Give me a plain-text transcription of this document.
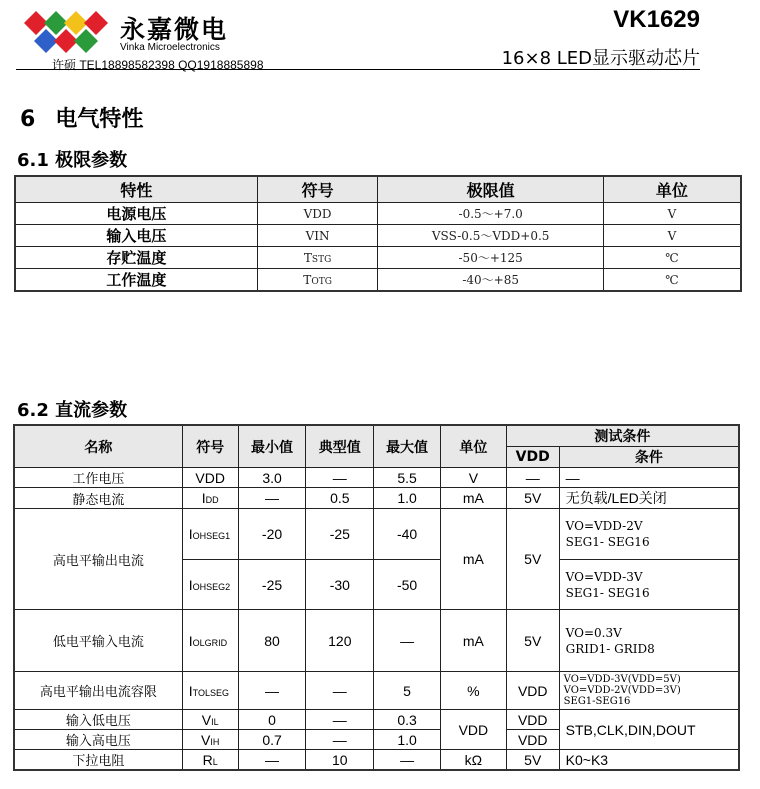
永嘉微电
Vinka Microelectronics
许硕 TEL18898582398 QQ1918885898
VK1629
16×8 LED显示驱动芯片
6 电气特性
6.1 极限参数
特性	符号	极限值	单位
电源电压	VDD	-0.5～+7.0	V
输入电压	VIN	VSS-0.5～VDD+0.5	V
存贮温度	TSTG	-50～+125	℃
工作温度	TOTG	-40～+85	℃
6.2 直流参数
名称	符号	最小值	典型值	最大值	单位	测试条件	
						VDD	条件
工作电压	VDD	3.0	—	5.5	V	—	—
静态电流	IDD	—	0.5	1.0	mA	5V	无负载/LED关闭
高电平输出电流	IOHSEG1	-20	-25	-40	mA	5V	VO=VDD-2V
SEG1- SEG16

	IOHSEG2	-25	-30	-50			VO=VDD-3V
SEG1- SEG16

低电平输入电流	IOLGRID	80	120	—	mA	5V	VO=0.3V
GRID1- GRID8

高电平输出电流容限	ITOLSEG	—	—	5	%	VDD	VO=VDD-3V(VDD=5V)
VO=VDD-2V(VDD=3V)
SEG1-SEG16

输入低电压	VIL	0	—	0.3	VDD	VDD	STB,CLK,DIN,DOUT
输入高电压	VIH	0.7	—	1.0		VDD	
下拉电阻	RL	—	10	—	kΩ	5V	K0~K3
